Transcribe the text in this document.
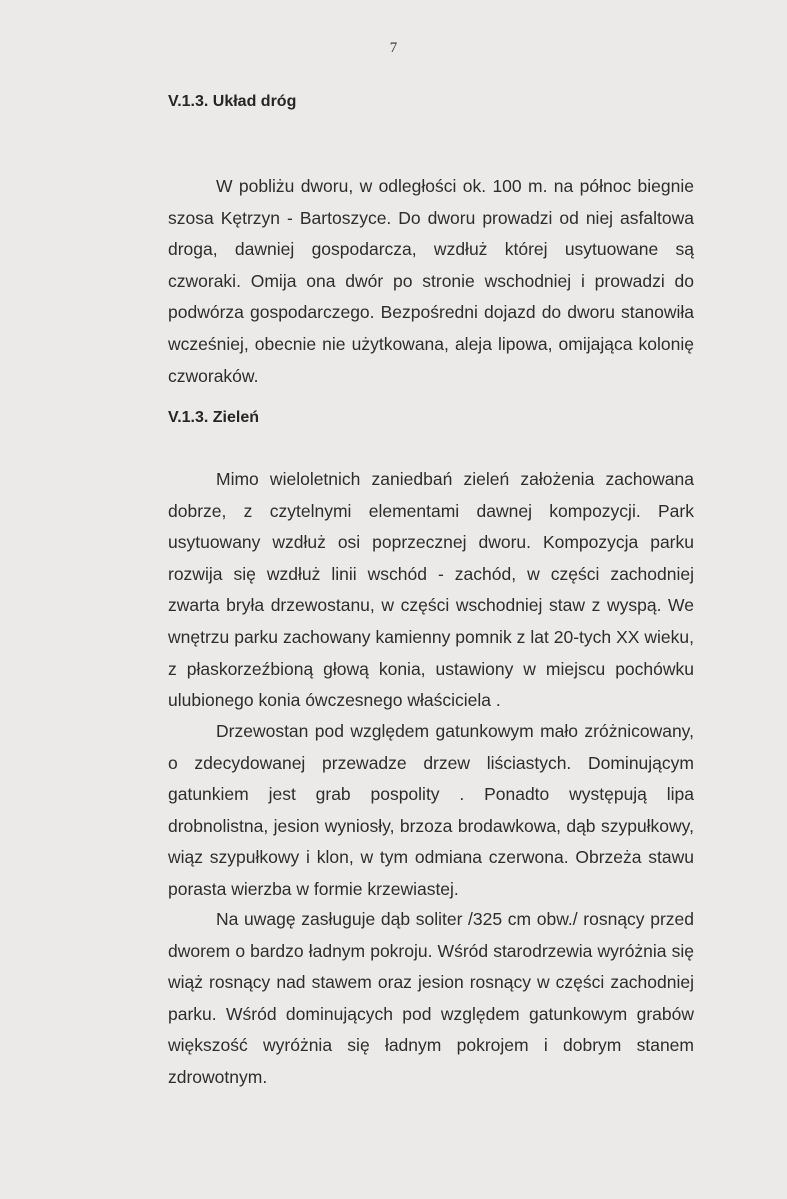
7
V.1.3. Układ dróg

W pobliżu dworu, w odległości ok. 100 m. na północ biegnie szosa Kętrzyn - Bartoszyce. Do dworu prowadzi od niej asfaltowa droga, dawniej gospodarcza, wzdłuż której usytuowane są czworaki. Omija ona dwór po stronie wschodniej i prowadzi do podwórza gospodarczego. Bezpośredni dojazd do dworu stanowiła wcześniej, obecnie nie użytkowana, aleja lipowa, omijająca kolonię czworaków.

V.1.3. Zieleń

Mimo wieloletnich zaniedbań zieleń założenia zachowana dobrze, z czytelnymi elementami dawnej kompozycji. Park usytuowany wzdłuż osi poprzecznej dworu. Kompozycja parku rozwija się wzdłuż linii wschód - zachód, w części zachodniej zwarta bryła drzewostanu, w części wschodniej staw z wyspą. We wnętrzu parku zachowany kamienny pomnik z lat 20-tych XX wieku, z płaskorzeźbioną głową konia, ustawiony w miejscu pochówku ulubionego konia ówczesnego właściciela .

Drzewostan pod względem gatunkowym mało zróżnicowany, o zdecydowanej przewadze drzew liściastych. Dominującym gatunkiem jest grab pospolity . Ponadto występują lipa drobnolistna, jesion wyniosły, brzoza brodawkowa, dąb szypułkowy, wiąz szypułkowy i klon, w tym odmiana czerwona. Obrzeża stawu porasta wierzba w formie krzewiastej.

Na uwagę zasługuje dąb soliter /325 cm obw./ rosnący przed dworem o bardzo ładnym pokroju. Wśród starodrzewia wyróżnia się wiąż rosnący nad stawem oraz jesion rosnący w części zachodniej parku. Wśród dominujących pod względem gatunkowym grabów większość wyróżnia się ładnym pokrojem i dobrym stanem zdrowotnym.
